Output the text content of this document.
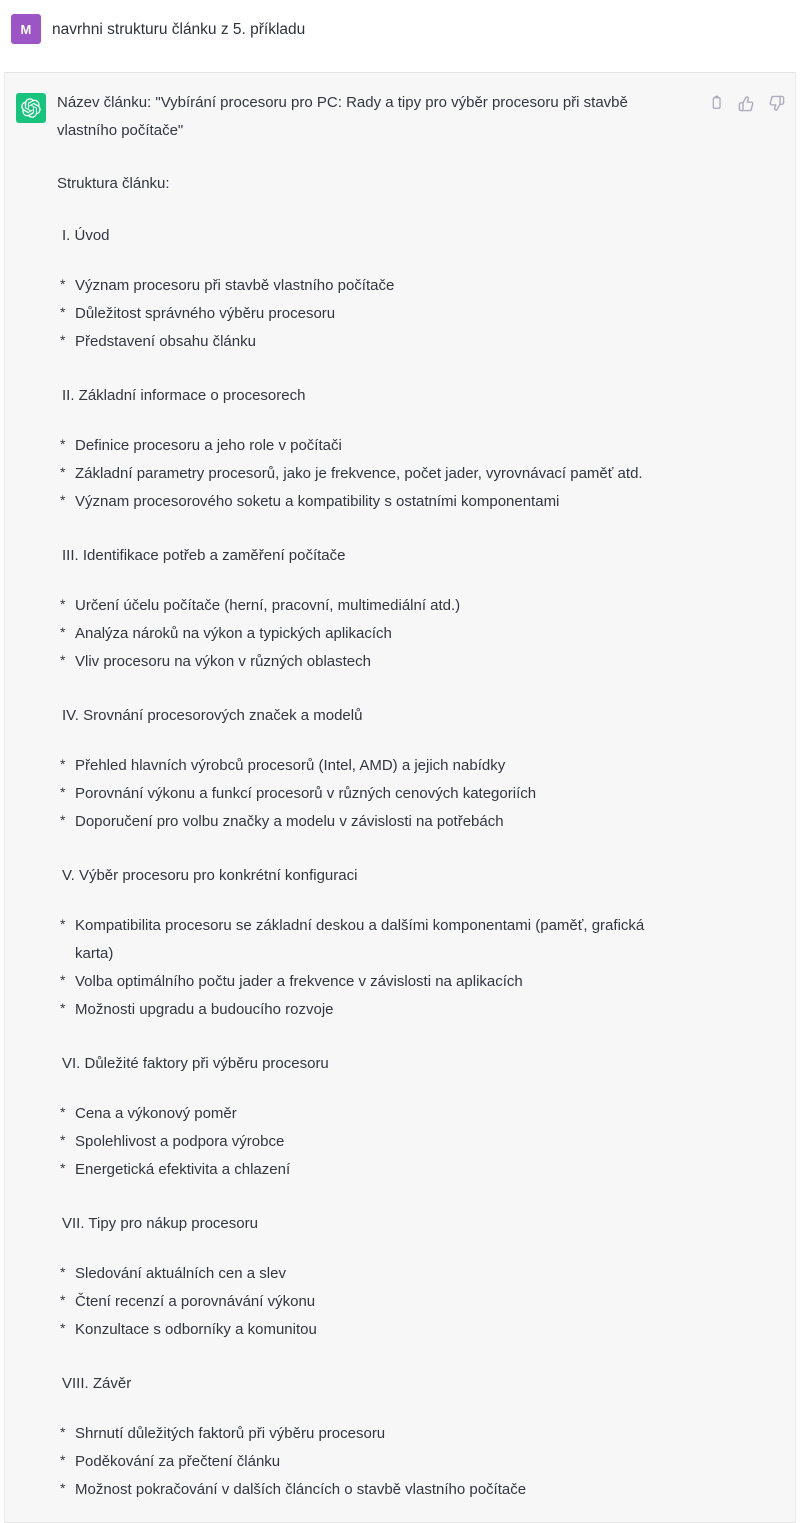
M	navrhni strukturu článku z 5. příkladu

Název článku: "Vybírání procesoru pro PC: Rady a tipy pro výběr procesoru při stavbě vlastního počítače"

Struktura článku:

I. Úvod

* Význam procesoru při stavbě vlastního počítače
* Důležitost správného výběru procesoru
* Představení obsahu článku

II. Základní informace o procesorech

* Definice procesoru a jeho role v počítači
* Základní parametry procesorů, jako je frekvence, počet jader, vyrovnávací paměť atd.
* Význam procesorového soketu a kompatibility s ostatními komponentami

III. Identifikace potřeb a zaměření počítače

* Určení účelu počítače (herní, pracovní, multimediální atd.)
* Analýza nároků na výkon a typických aplikacích
* Vliv procesoru na výkon v různých oblastech

IV. Srovnání procesorových značek a modelů

* Přehled hlavních výrobců procesorů (Intel, AMD) a jejich nabídky
* Porovnání výkonu a funkcí procesorů v různých cenových kategoriích
* Doporučení pro volbu značky a modelu v závislosti na potřebách

V. Výběr procesoru pro konkrétní konfiguraci

* Kompatibilita procesoru se základní deskou a dalšími komponentami (paměť, grafická karta)
* Volba optimálního počtu jader a frekvence v závislosti na aplikacích
* Možnosti upgradu a budoucího rozvoje

VI. Důležité faktory při výběru procesoru

* Cena a výkonový poměr
* Spolehlivost a podpora výrobce
* Energetická efektivita a chlazení

VII. Tipy pro nákup procesoru

* Sledování aktuálních cen a slev
* Čtení recenzí a porovnávání výkonu
* Konzultace s odborníky a komunitou

VIII. Závěr

* Shrnutí důležitých faktorů při výběru procesoru
* Poděkování za přečtení článku
* Možnost pokračování v dalších článcích o stavbě vlastního počítače
